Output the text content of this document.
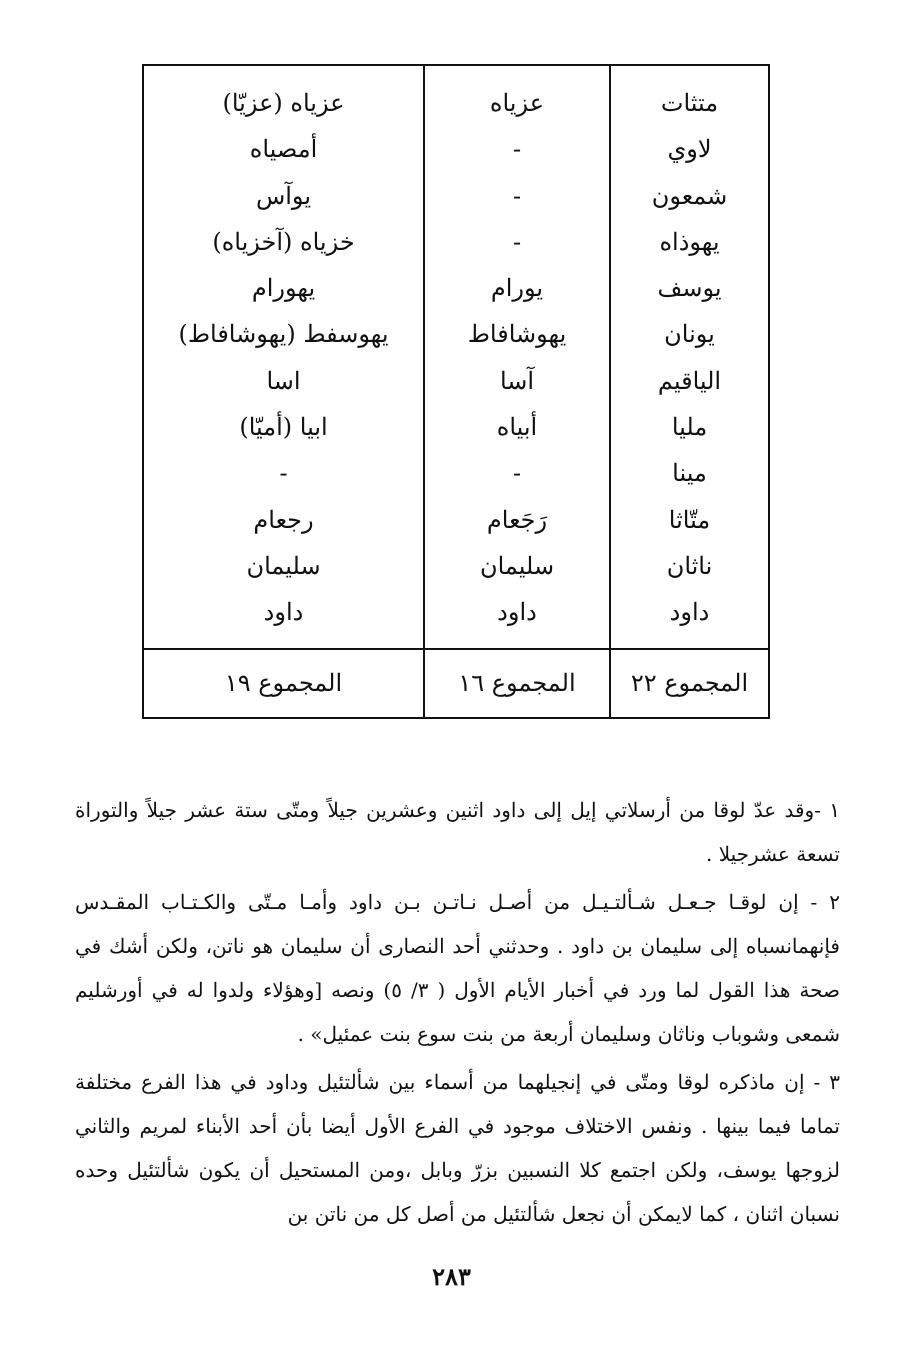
متثات
لاوي
شمعون
يهوذاه
يوسف
يونان
الياقيم
مليا
مينا
متّاثا
ناثان
داود
المجموع ٢٢
عزياه
-
-
-
يورام
يهوشافاط
آسا
أبياه
-
رَجَعام
سليمان
داود
المجموع ١٦
عزياه (عزيّا)
أمصياه
يوآس
خزياه (آخزياه)
يهورام
يهوسفط (يهوشافاط)
اسا
ابيا (أميّا)
-
رجعام
سليمان
داود
المجموع ١٩

١ -وقد عدّ لوقا من أرسلاتي إيل إلى داود اثنين وعشرين جيلاً ومتّى ستة عشر جيلاً والتوراة تسعة عشرجيلا .

٢ - إن لوقـا جـعـل شـألتـيـل من أصـل نـاتـن بـن داود وأمـا مـتّى والكـتـاب المقـدس فإنهمانسباه إلى سليمان بن داود . وحدثني أحد النصارى أن سليمان هو ناتن، ولكن أشك في صحة هذا القول لما ورد في أخبار الأيام الأول ( ٣/ ٥) ونصه [وهؤلاء ولدوا له في أورشليم شمعى وشوباب وناثان وسليمان أربعة من بنت سوع بنت عمئيل» .

٣ - إن ماذكره لوقا ومتّى في إنجيلهما من أسماء بين شألتئيل وداود في هذا الفرع مختلفة تماما فيما بينها . ونفس الاختلاف موجود في الفرع الأول أيضا بأن أحد الأبناء لمريم والثاني لزوجها يوسف، ولكن اجتمع كلا النسبين بزرّ وبابل ،ومن المستحيل أن يكون شألتئيل وحده نسبان اثنان ، كما لايمكن أن نجعل شألتئيل من أصل كل من ناتن بن

٢٨٣
